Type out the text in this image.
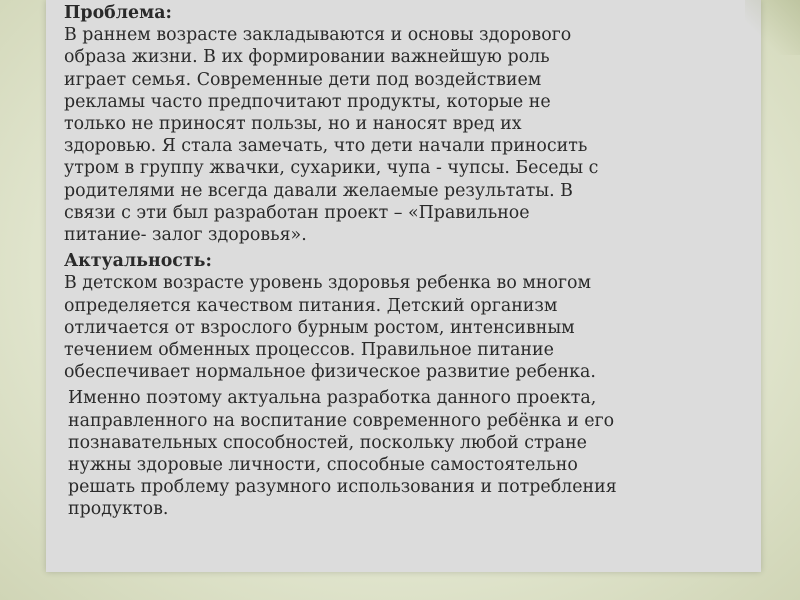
Проблема:
В раннем возрасте закладываются и основы здорового
образа жизни. В их формировании важнейшую роль
играет семья. Современные дети под воздействием
рекламы часто предпочитают продукты, которые не
только не приносят пользы, но и наносят вред их
здоровью. Я стала замечать, что дети начали приносить
утром в группу жвачки, сухарики, чупа - чупсы. Беседы с
родителями не всегда давали желаемые результаты. В
связи с эти был разработан проект – «Правильное
питание- залог здоровья».
Актуальность:
В детском возрасте уровень здоровья ребенка во многом
определяется качеством питания. Детский организм
отличается от взрослого бурным ростом, интенсивным
течением обменных процессов. Правильное питание
обеспечивает нормальное физическое развитие ребенка.
Именно поэтому актуальна разработка данного проекта,
направленного на воспитание современного ребёнка и его
познавательных способностей, поскольку любой стране
нужны здоровые личности, способные самостоятельно
решать проблему разумного использования и потребления
продуктов.
